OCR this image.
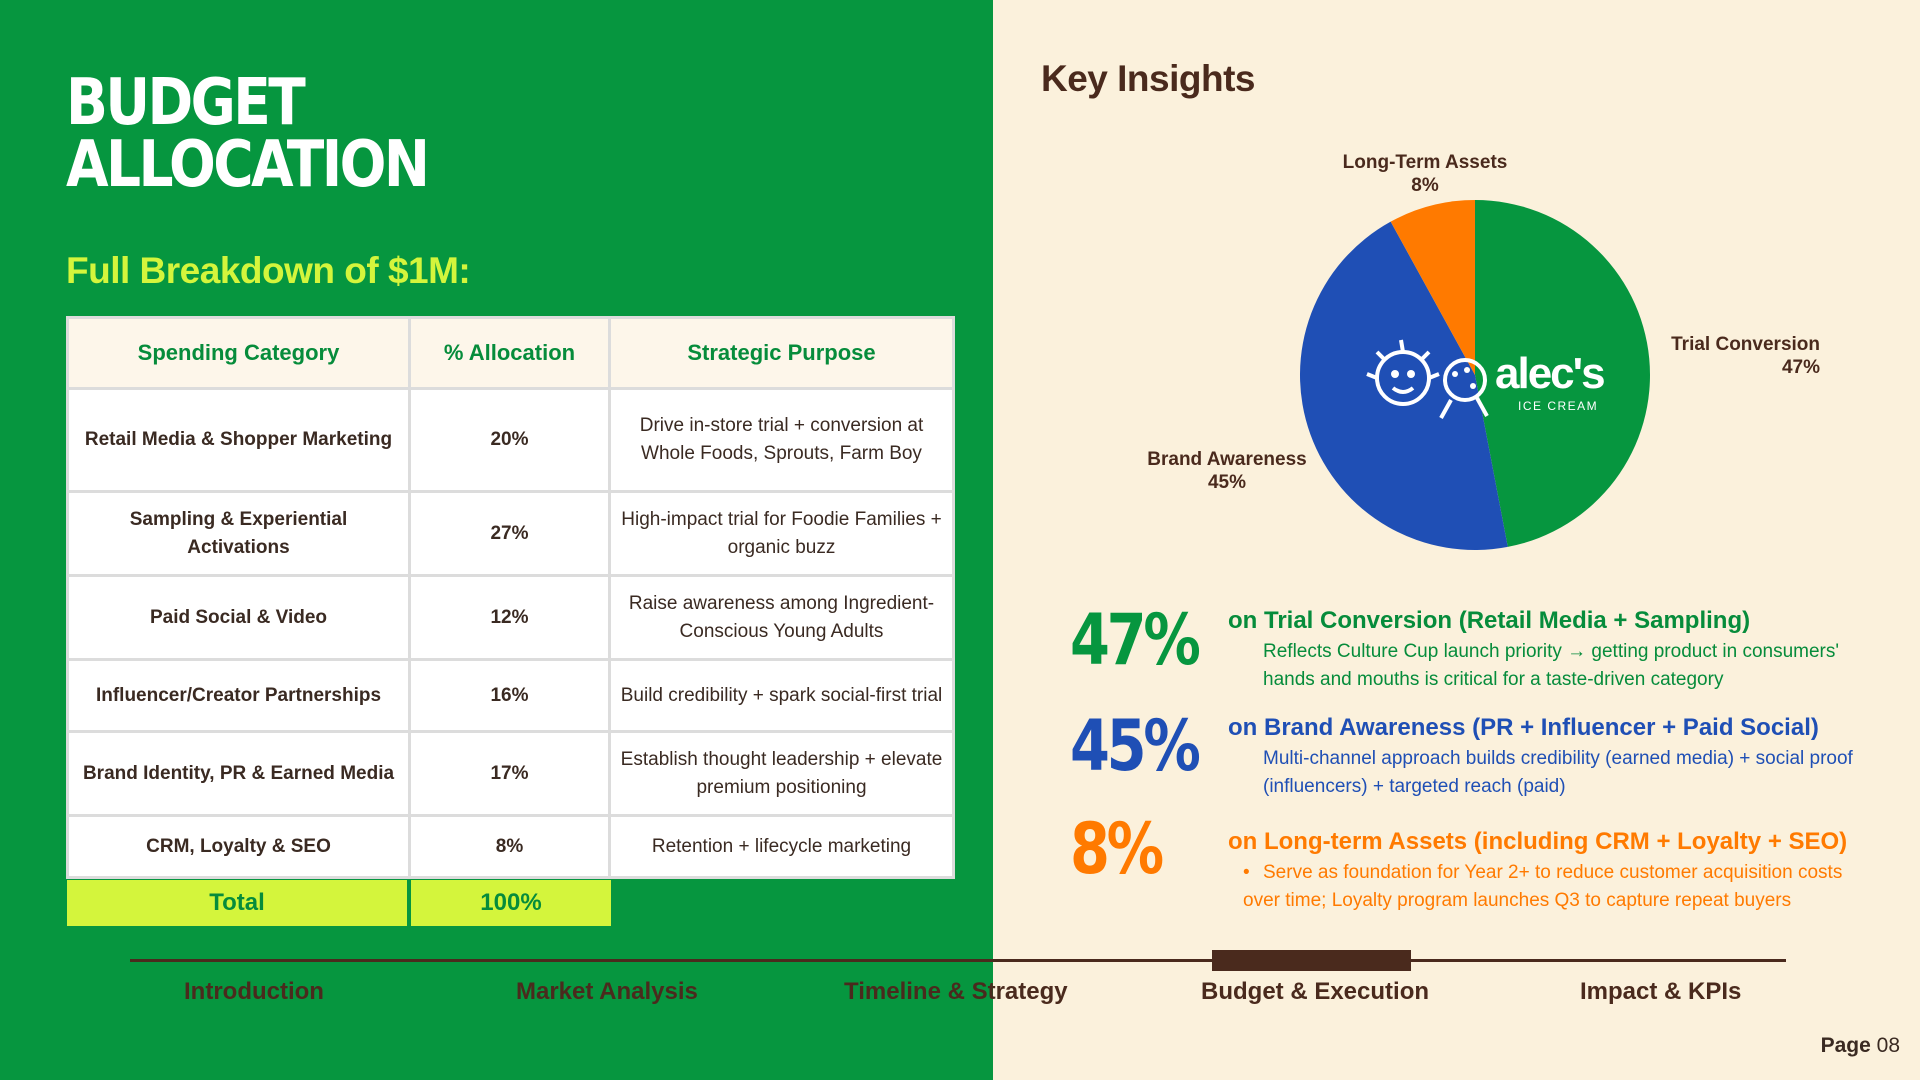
BUDGET
ALLOCATION
Full Breakdown of $1M:
Spending Category	% Allocation	Strategic Purpose
Retail Media & Shopper Marketing	20%	Drive in-store trial + conversion at Whole Foods, Sprouts, Farm Boy
Sampling & Experiential Activations	27%	High-impact trial for Foodie Families + organic buzz
Paid Social & Video	12%	Raise awareness among Ingredient-Conscious Young Adults
Influencer/Creator Partnerships	16%	Build credibility + spark social-first trial
Brand Identity, PR & Earned Media	17%	Establish thought leadership + elevate premium positioning
CRM, Loyalty & SEO	8%	Retention + lifecycle marketing
Total	100%
Key Insights
Long-Term Assets
8%
Trial Conversion
47%
Brand Awareness
45%
alec's
ICE CREAM
47% on Trial Conversion (Retail Media + Sampling)
Reflects Culture Cup launch priority → getting product in consumers' hands and mouths is critical for a taste-driven category
45% on Brand Awareness (PR + Influencer + Paid Social)
Multi-channel approach builds credibility (earned media) + social proof (influencers) + targeted reach (paid)
8%	on Long-term Assets (including CRM + Loyalty + SEO)
• Serve as foundation for Year 2+ to reduce customer acquisition costs over time; Loyalty program launches Q3 to capture repeat buyers
Introduction	Market Analysis	Timeline & Strategy	Budget & Execution	Impact & KPIs
Page 08
